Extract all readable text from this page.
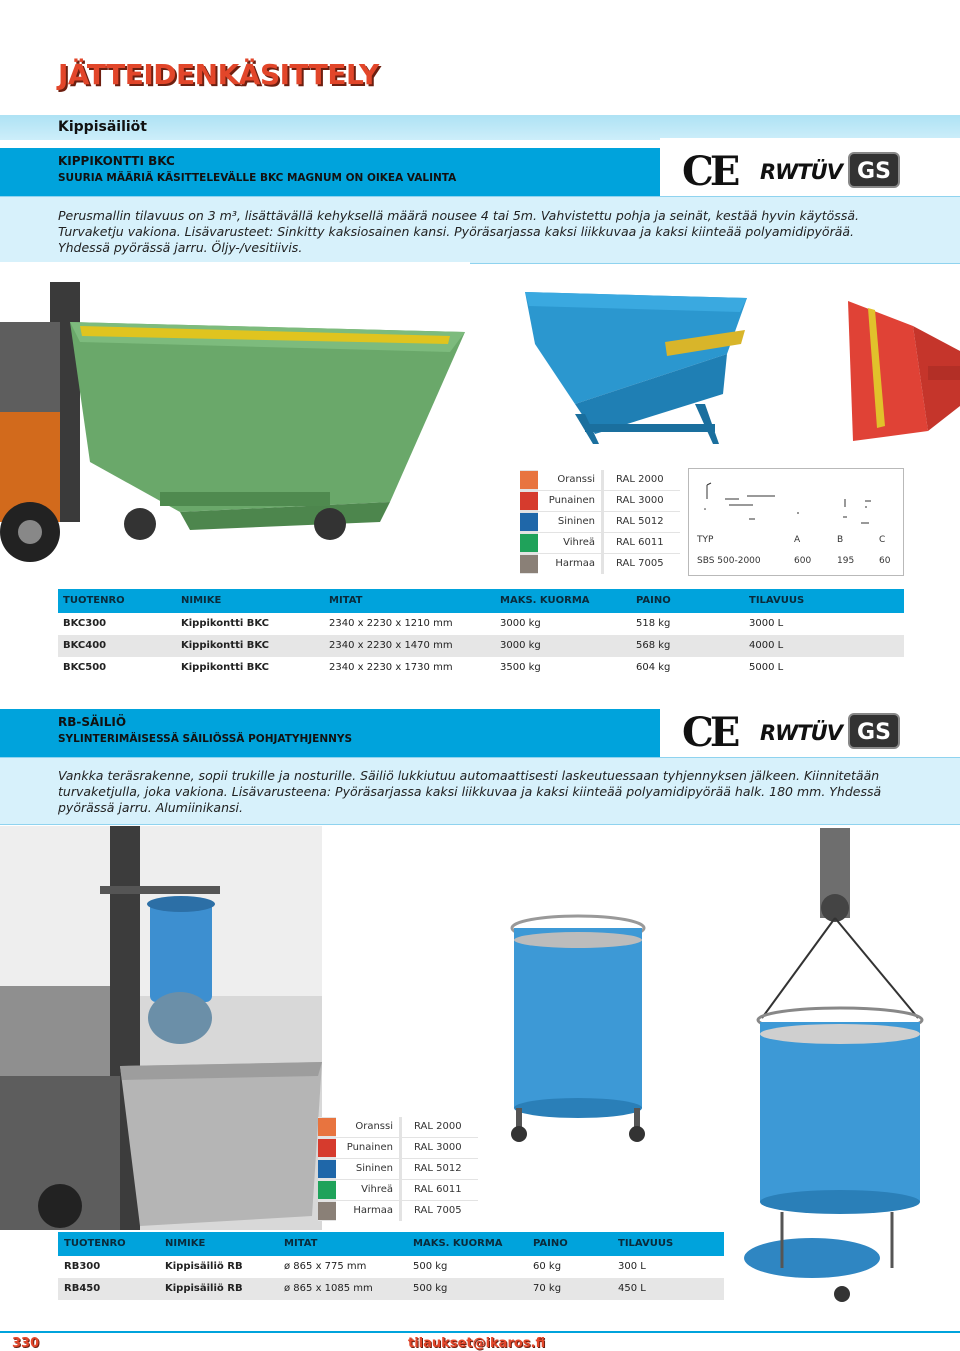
JÄTTEIDENKÄSITTELY
Kippisäiliöt
KIPPIKONTTI BKC
SUURIA MÄÄRIÄ KÄSITTELEVÄLLE BKC MAGNUM ON OIKEA VALINTA	CE RWTÜV GS

Perusmallin tilavuus on 3 m³, lisättävällä kehyksellä määrä nousee 4 tai 5m. Vahvistettu pohja ja seinät, kestää hyvin käytössä.

Turvaketju vakiona. Lisävarusteet: Sinkitty kaksiosainen kansi. Pyöräsarjassa kaksi liikkuvaa ja kaksi kiinteää polyamidipyörää.

Yhdessä pyörässä jarru. Öljy-/vesitiivis.

Oranssi	RAL 2000
Punainen	RAL 3000
Sininen	RAL 5012
Vihreä	RAL 6011
Harmaa	RAL 7005
TYP	A	B	C
SBS 500-2000	600	195	60
TUOTENRO	NIMIKE	MITAT	MAKS. KUORMA	PAINO	TILAVUUS
BKC300	Kippikontti BKC	2340 x 2230 x 1210 mm	3000 kg	518 kg	3000 L
BKC400	Kippikontti BKC	2340 x 2230 x 1470 mm	3000 kg	568 kg	4000 L
BKC500	Kippikontti BKC	2340 x 2230 x 1730 mm	3500 kg	604 kg	5000 L
RB-SÄILIÖ
SYLINTERIMÄISESSÄ SÄILIÖSSÄ POHJATYHJENNYS	CE RWTÜV GS

Vankka teräsrakenne, sopii trukille ja nosturille. Säiliö lukkiutuu automaattisesti laskeutuessaan tyhjennyksen jälkeen. Kiinnitetään

turvaketjulla, joka vakiona. Lisävarusteena: Pyöräsarjassa kaksi liikkuvaa ja kaksi kiinteää polyamidipyörää halk. 180 mm. Yhdessä

pyörässä jarru. Alumiinikansi.

Oranssi	RAL 2000
Punainen	RAL 3000
Sininen	RAL 5012
Vihreä	RAL 6011
Harmaa	RAL 7005
TUOTENRO	NIMIKE	MITAT	MAKS. KUORMA	PAINO	TILAVUUS
RB300	Kippisäiliö RB	ø 865 x 775 mm	500 kg	60 kg	300 L
RB450	Kippisäiliö RB	ø 865 x 1085 mm	500 kg	70 kg	450 L
330	tilaukset@ikaros.fi
